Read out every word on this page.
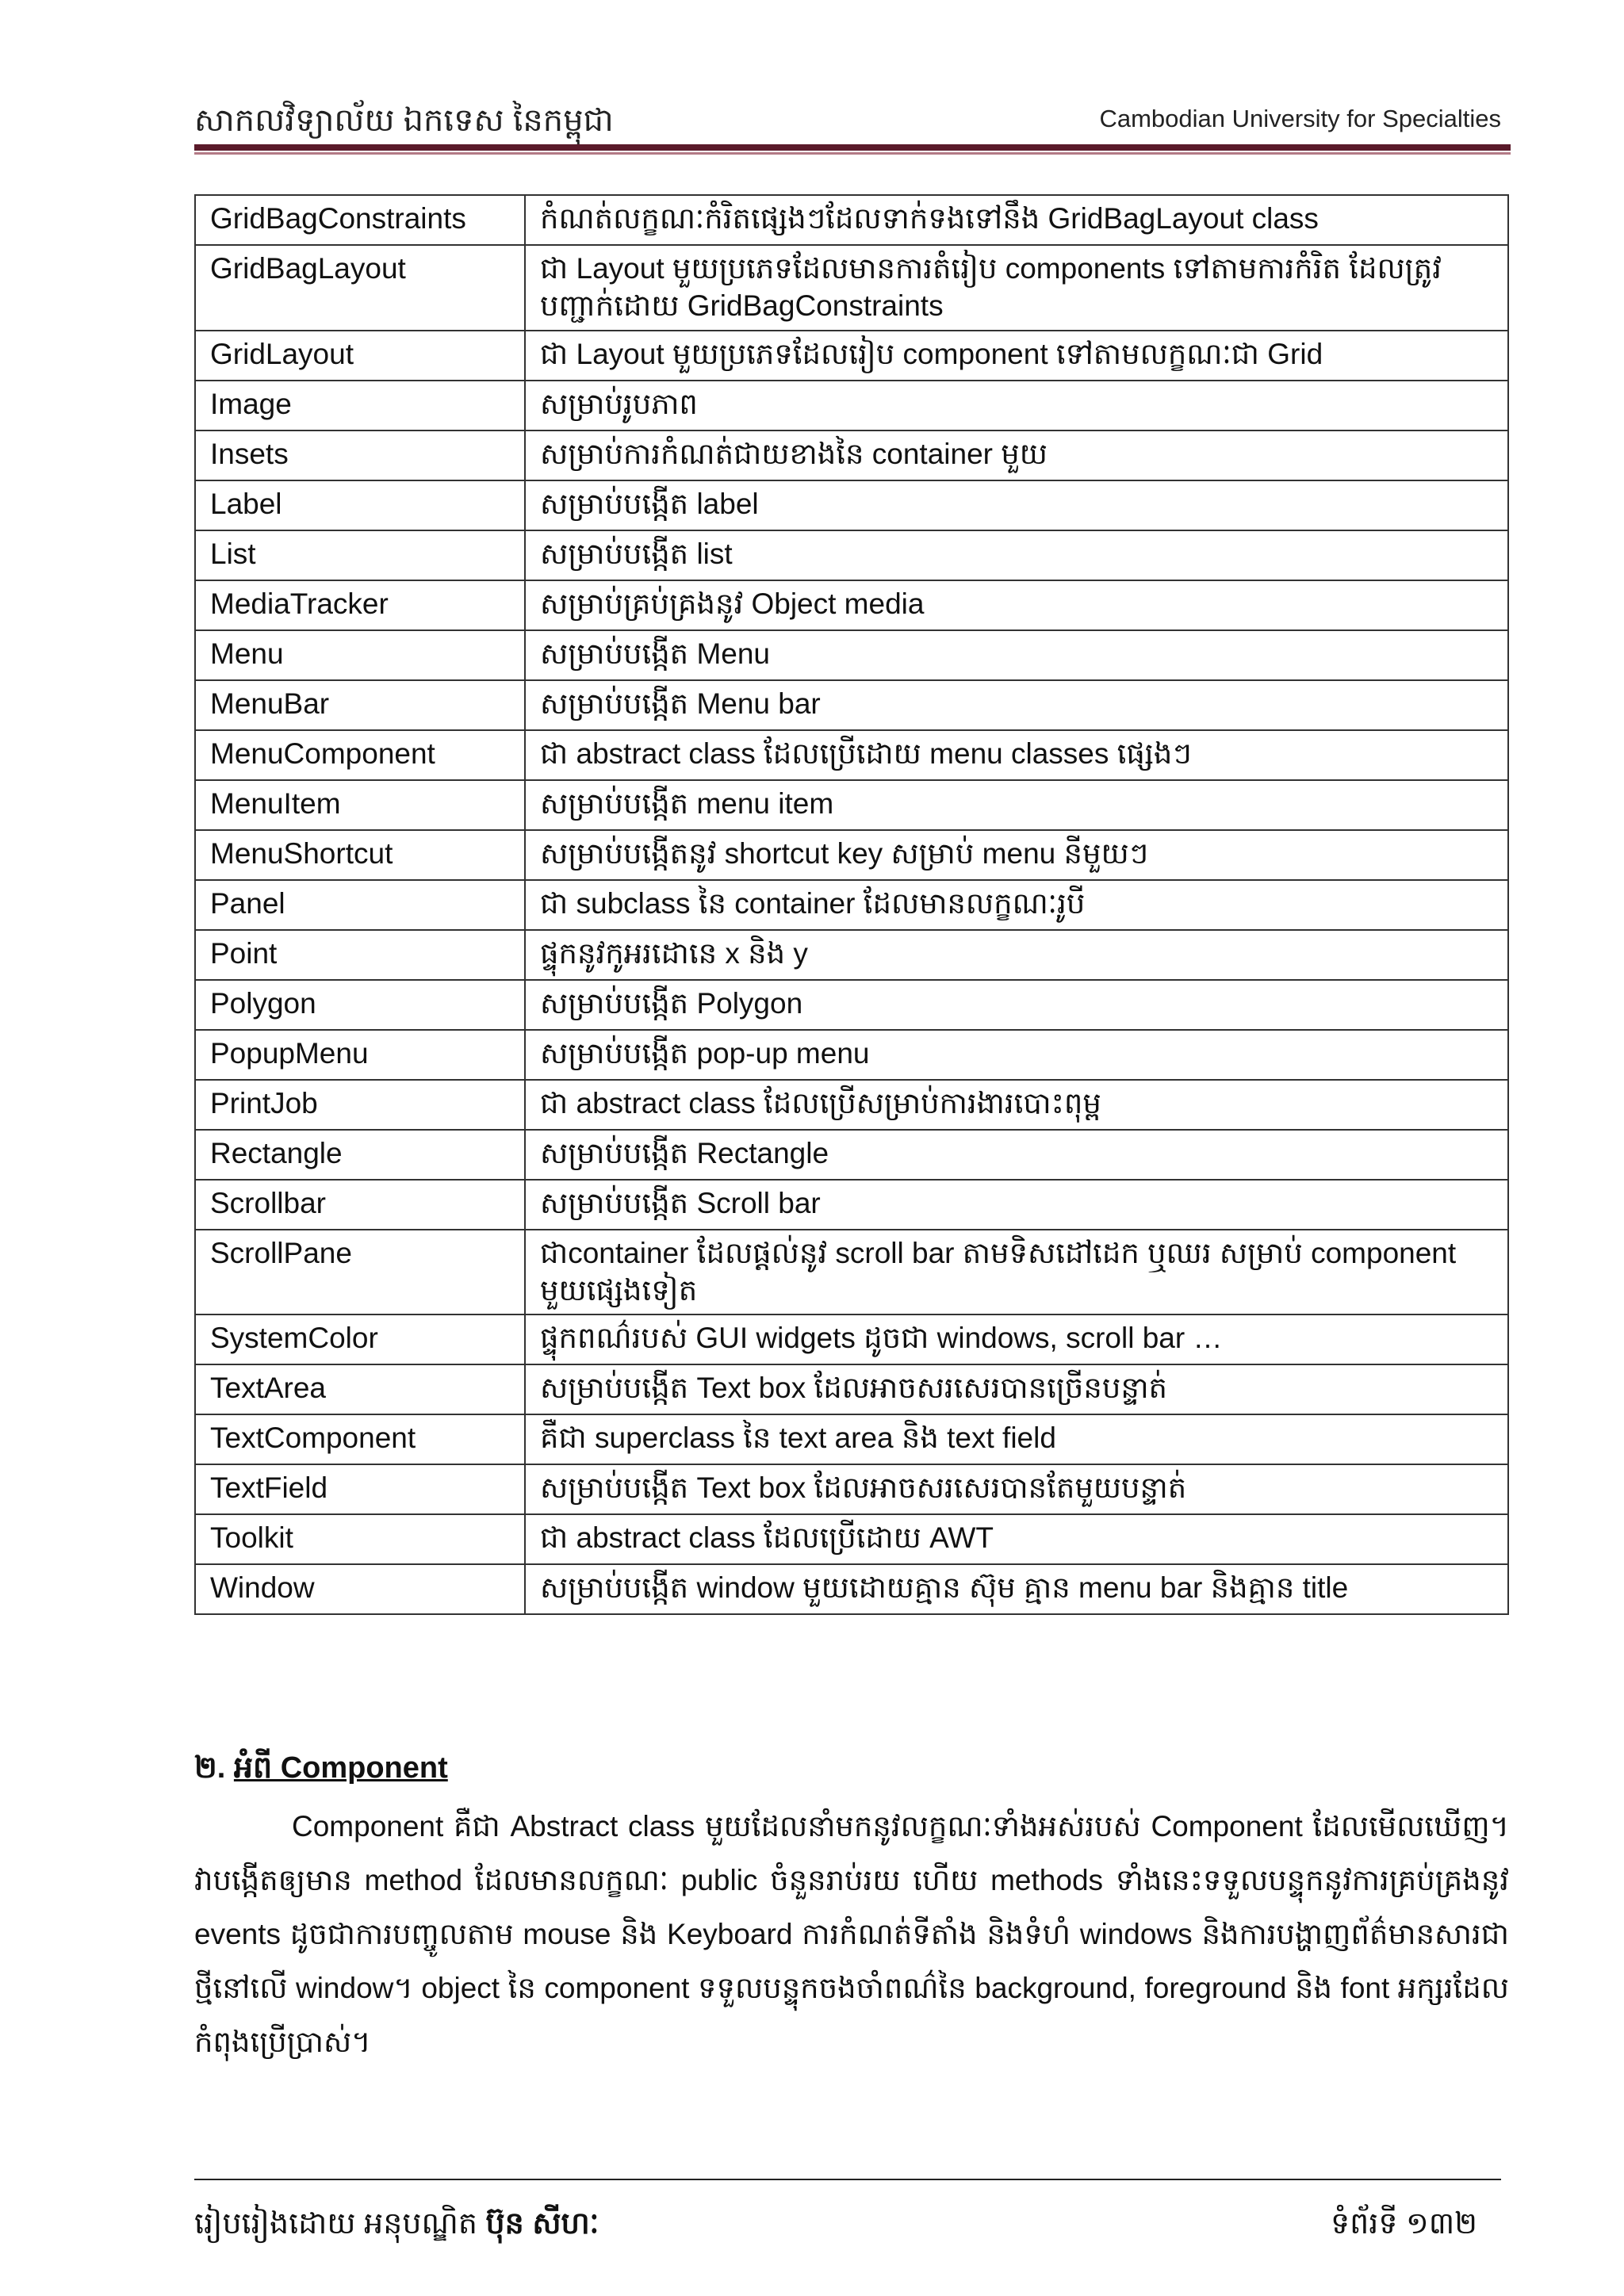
សាកលវិទ្យាល័យ ឯកទេស នៃកម្ពុជា	Cambodian University for Specialties
GridBagConstraints	កំណត់លក្ខណៈកំរិតផ្សេងៗដែលទាក់ទងទៅនឹង GridBagLayout class
GridBagLayout	ជា Layout មួយប្រភេទដែលមានការតំរៀប components ទៅតាមការកំរិត ដែលត្រូវបញ្ជាក់ដោយ GridBagConstraints
GridLayout	ជា Layout មួយប្រភេទដែលរៀប component ទៅតាមលក្ខណៈជា Grid
Image	សម្រាប់រូបភាព
Insets	សម្រាប់ការកំណត់ជាយខាងនៃ container មួយ
Label	សម្រាប់បង្កើត label
List	សម្រាប់បង្កើត list
MediaTracker	សម្រាប់គ្រប់គ្រងនូវ Object media
Menu	សម្រាប់បង្កើត Menu
MenuBar	សម្រាប់បង្កើត Menu bar
MenuComponent	ជា abstract class ដែលប្រើដោយ menu classes ផ្សេងៗ
MenuItem	សម្រាប់បង្កើត menu item
MenuShortcut	សម្រាប់បង្កើតនូវ shortcut key សម្រាប់ menu នីមួយៗ
Panel	ជា subclass នៃ container ដែលមានលក្ខណៈរូបី
Point	ផ្ទុកនូវកូអរដោនេ x និង y
Polygon	សម្រាប់បង្កើត Polygon
PopupMenu	សម្រាប់បង្កើត pop-up menu
PrintJob	ជា abstract class ដែលប្រើសម្រាប់ការងារបោះពុម្ព
Rectangle	សម្រាប់បង្កើត Rectangle
Scrollbar	សម្រាប់បង្កើត Scroll bar
ScrollPane	ជាcontainer ដែលផ្តល់នូវ scroll bar តាមទិសដៅដេក ឬឈរ សម្រាប់ component មួយផ្សេងទៀត
SystemColor	ផ្ទុកពណ៌របស់ GUI widgets ដូចជា windows, scroll bar …
TextArea	សម្រាប់បង្កើត Text box ដែលអាចសរសេរបានច្រើនបន្ទាត់
TextComponent	គឺជា superclass នៃ text area និង text field
TextField	សម្រាប់បង្កើត Text box ដែលអាចសរសេរបានតែមួយបន្ទាត់
Toolkit	ជា abstract class ដែលប្រើដោយ AWT
Window	សម្រាប់បង្កើត window មួយដោយគ្មាន ស៊ុម គ្មាន menu bar និងគ្មាន title
២. អំពី Component

Component គឺជា Abstract class មួយដែលនាំមកនូវលក្ខណៈទាំងអស់របស់ Component ដែលមើលឃើញ។ វាបង្កើតឲ្យមាន method ដែលមានលក្ខណៈ public ចំនួនរាប់រយ ហើយ methods ទាំងនេះទទួលបន្ទុកនូវការគ្រប់គ្រងនូវ events ដូចជាការបញ្ចូលតាម mouse និង Keyboard ការកំណត់ទីតាំង និងទំហំ windows និងការបង្ហាញព័ត៌មានសារជាថ្មីនៅលើ window។ object នៃ component ទទួលបន្ទុកចងចាំពណ៌នៃ background, foreground និង font អក្សរដែលកំពុងប្រើប្រាស់។

រៀបរៀងដោយ អនុបណ្ឌិត ប៊ុន សីហៈ	ទំព័រទី ១៣២
